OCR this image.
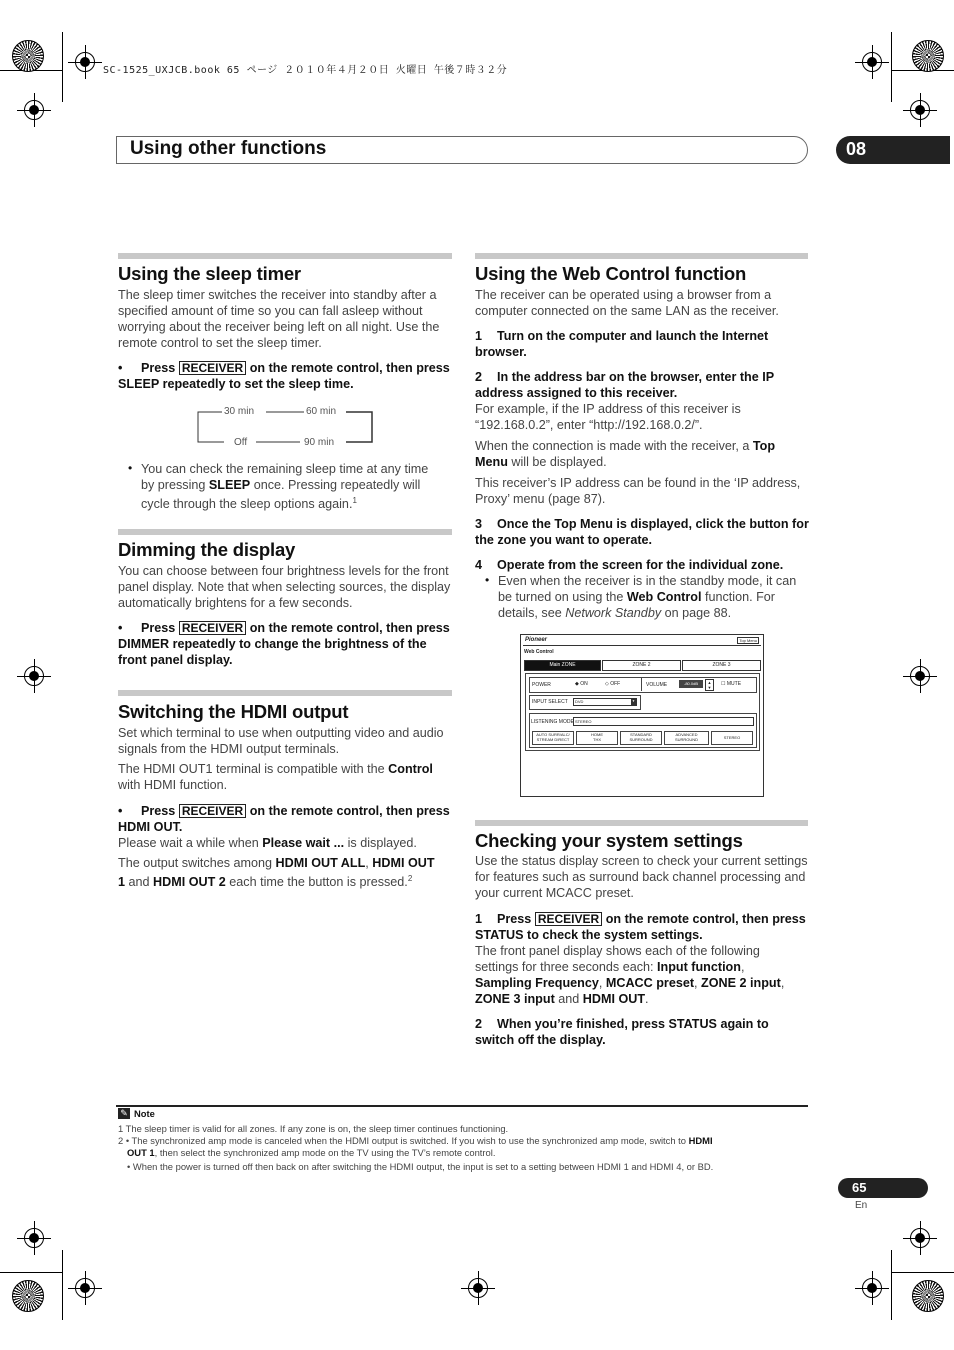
SC-1525_UXJCB.book 65 ページ ２０１０年４月２０日 火曜日 午後７時３２分
Using other functions	08
Using the sleep timer
The sleep timer switches the receiver into standby after a specified amount of time so you can fall asleep without worrying about the receiver being left on all night. Use the remote control to set the sleep timer.
• Press RECEIVER on the remote control, then press
SLEEP repeatedly to set the sleep time.
30 min	60 min
Off	90 min
• You can check the remaining sleep time at any time
by pressing SLEEP once. Pressing repeatedly will
cycle through the sleep options again.$^1$
Dimming the display
You can choose between four brightness levels for the front panel display. Note that when selecting sources, the display automatically brightens for a few seconds.
• Press RECEIVER on the remote control, then press
DIMMER repeatedly to change the brightness of the
front panel display.
Switching the HDMI output
Set which terminal to use when outputting video and audio signals from the HDMI output terminals.
The HDMI OUT1 terminal is compatible with the Control
with HDMI function.
• Press RECEIVER on the remote control, then press
HDMI OUT.
Please wait a while when Please wait ... is displayed.
The output switches among HDMI OUT ALL, HDMI OUT
1 and HDMI OUT 2 each time the button is pressed.$^2$
Using the Web Control function
The receiver can be operated using a browser from a computer connected on the same LAN as the receiver.
1 Turn on the computer and launch the Internet
browser.
2 In the address bar on the browser, enter the IP
address assigned to this receiver.
For example, if the IP address of this receiver is “192.168.0.2”, enter “http://192.168.0.2/”.
When the connection is made with the receiver, a Top
Menu will be displayed.
This receiver’s IP address can be found in the ‘IP address, Proxy’ menu (page 87).
3 Once the Top Menu is displayed, click the button for
the zone you want to operate.
4 Operate from the screen for the individual zone.
• Even when the receiver is in the standby mode, it can
be turned on using the Web Control function. For
details, see Network Standby on page 88.
Pioneer	Top Menu
Web Control
Main ZONE	ZONE 2	ZONE 3
POWER	◆ ON	◇ OFF	VOLUME	-80.0dB	▲
▼
☐ MUTE
INPUT SELECT DVD	▼
LISTENING MODE STEREO
AUTO SURR/ALC/
STREAM DIRECT
HOME
THX
STANDARD
SURROUND
ADVANCED
SURROUND	STEREO
Checking your system settings
Use the status display screen to check your current settings for features such as surround back channel processing and your current MCACC preset.
1 Press RECEIVER on the remote control, then press
STATUS to check the system settings.
The front panel display shows each of the following
settings for three seconds each: Input function,
Sampling Frequency, MCACC preset, ZONE 2 input,
ZONE 3 input and HDMI OUT.
2 When you’re finished, press STATUS again to
switch off the display.
✎ Note
1 The sleep timer is valid for all zones. If any zone is on, the sleep timer continues functioning.
2 • The synchronized amp mode is canceled when the HDMI output is switched. If you wish to use the synchronized amp mode, switch to HDMI
OUT 1, then select the synchronized amp mode on the TV using the TV’s remote control.
• When the power is turned off then back on after switching the HDMI output, the input is set to a setting between HDMI 1 and HDMI 4, or BD.
65
En
